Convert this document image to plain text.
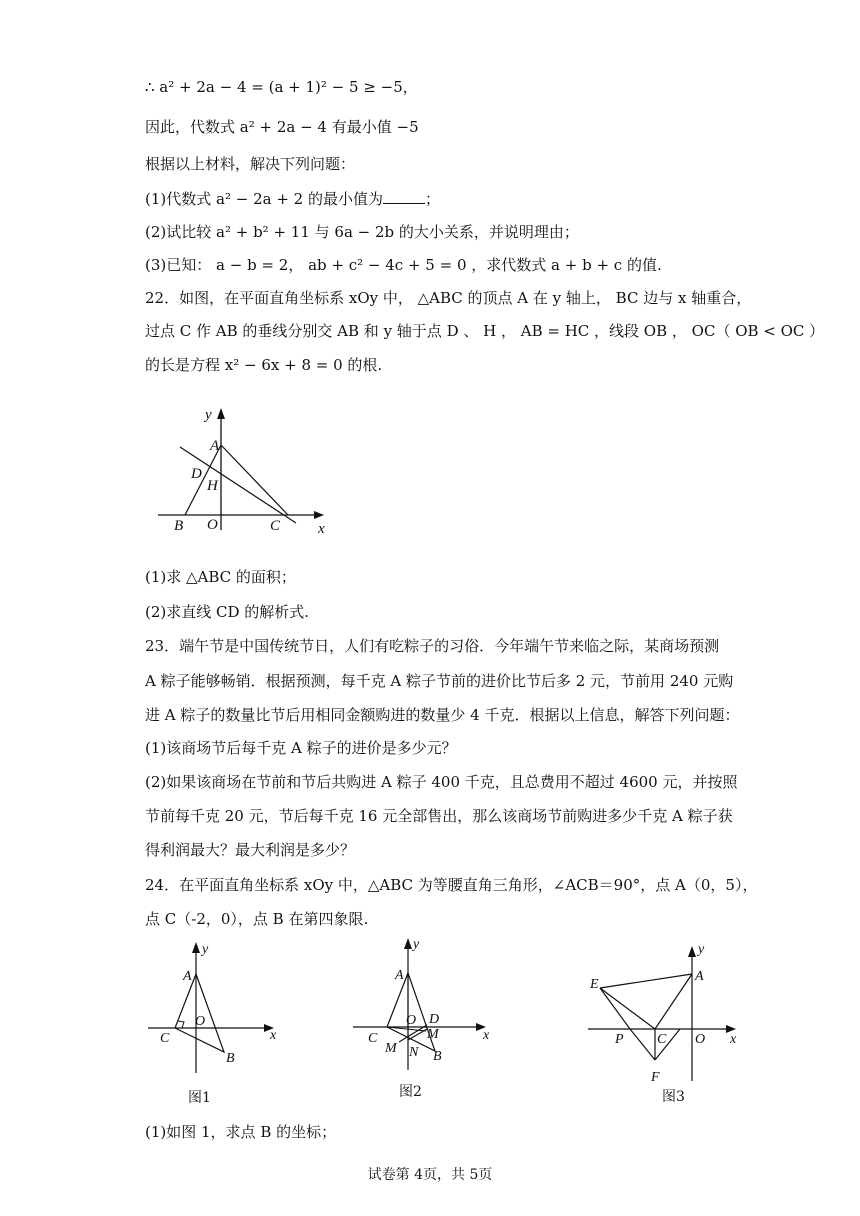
∴ a² + 2a − 4 = (a + 1)² − 5 ≥ −5，
因此，代数式 a² + 2a − 4 有最小值 −5
根据以上材料，解决下列问题：
(1)代数式 a² − 2a + 2 的最小值为	；
(2)试比较 a² + b² + 11 与 6a − 2b 的大小关系，并说明理由；
(3)已知： a − b = 2， ab + c² − 4c + 5 = 0 ，求代数式 a + b + c 的值.
22．如图，在平面直角坐标系 xOy 中， △ABC 的顶点 A 在 y 轴上， BC 边与 x 轴重合，
过点 C 作 AB 的垂线分别交 AB 和 y 轴于点 D 、 H ， AB = HC ，线段 OB ， OC（ OB < OC ）
的长是方程 x² − 6x + 8 = 0 的根.
y
A
D
H
B O	C	x
(1)求 △ABC 的面积；
(2)求直线 CD 的解析式.
23．端午节是中国传统节日，人们有吃粽子的习俗．今年端午节来临之际，某商场预测
A 粽子能够畅销．根据预测，每千克 A 粽子节前的进价比节后多 2 元，节前用 240 元购
进 A 粽子的数量比节后用相同金额购进的数量少 4 千克．根据以上信息，解答下列问题：
(1)该商场节后每千克 A 粽子的进价是多少元？
(2)如果该商场在节前和节后共购进 A 粽子 400 千克，且总费用不超过 4600 元，并按照
节前每千克 20 元，节后每千克 16 元全部售出，那么该商场节前购进多少千克 A 粽子获
得利润最大？最大利润是多少？
24．在平面直角坐标系 xOy 中，△ABC 为等腰直角三角形，∠ACB＝90°，点 A（0，5），
点 C（-2，0），点 B 在第四象限.
y
A
O
C
B
x
图1
y
A
O D
C	M
M N B
x
图2
y
E
A
P C O
F
x
图3
(1)如图 1，求点 B 的坐标；
试卷第 4页，共 5页
